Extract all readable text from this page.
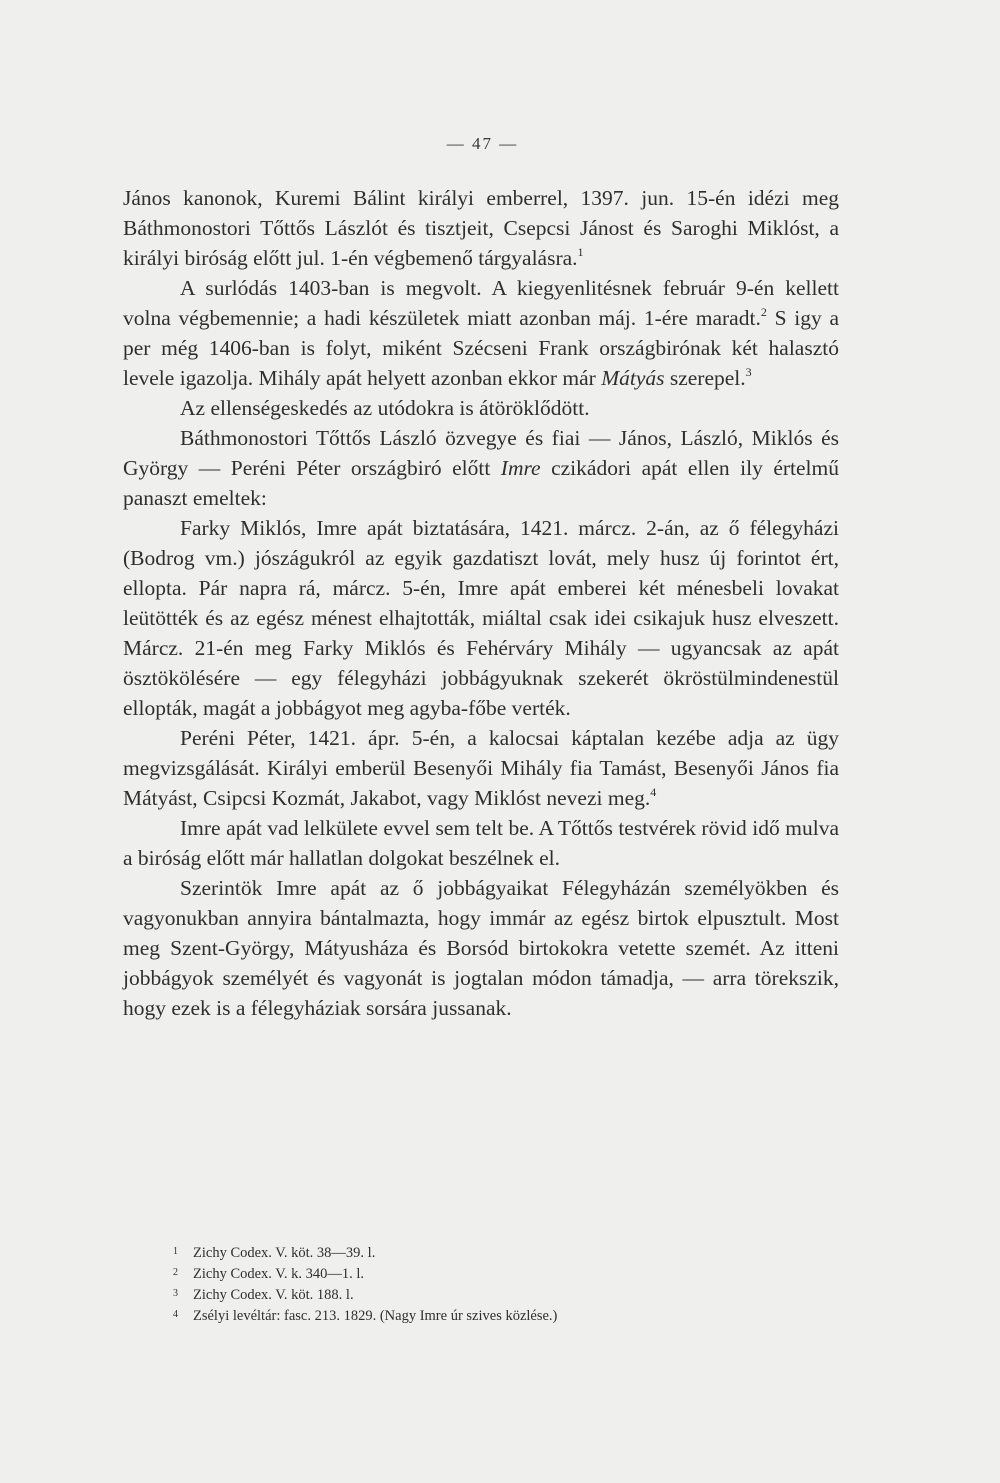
— 47 —

János kanonok, Kuremi Bálint királyi emberrel, 1397. jun. 15-én idézi meg Báthmonostori Tőttős Lászlót és tisztjeit, Csepcsi Jánost és Saroghi Miklóst, a királyi biróság előtt jul. 1-én végbemenő tárgyalásra.$^1$

A surlódás 1403-ban is megvolt. A kiegyenlitésnek február 9-én kellett volna végbemennie; a hadi készületek miatt azonban máj. 1-ére maradt.$^2$ S igy a per még 1406-ban is folyt, miként Szécseni Frank országbirónak két halasztó levele igazolja. Mihály apát helyett azonban ekkor már Mátyás szerepel.$^3$

Az ellenségeskedés az utódokra is átöröklődött.

Báthmonostori Tőttős László özvegye és fiai — János, László, Miklós és György — Peréni Péter országbiró előtt Imre czikádori apát ellen ily értelmű panaszt emeltek:

Farky Miklós, Imre apát biztatására, 1421. márcz. 2-án, az ő félegyházi (Bodrog vm.) jószágukról az egyik gazdatiszt lovát, mely husz új forintot ért, ellopta. Pár napra rá, márcz. 5-én, Imre apát emberei két ménesbeli lovakat leütötték és az egész ménest elhajtották, miáltal csak idei csikajuk husz elveszett. Márcz. 21-én meg Farky Miklós és Fehérváry Mihály — ugyancsak az apát ösztökölésére — egy félegyházi jobbágyuknak szekerét ökröstülmindenestül ellopták, magát a jobbágyot meg agyba-főbe verték.

Peréni Péter, 1421. ápr. 5-én, a kalocsai káptalan kezébe adja az ügy megvizsgálását. Királyi emberül Besenyői Mihály fia Tamást, Besenyői János fia Mátyást, Csipcsi Kozmát, Jakabot, vagy Miklóst nevezi meg.$^4$

Imre apát vad lelkülete evvel sem telt be. A Tőttős testvérek rövid idő mulva a biróság előtt már hallatlan dolgokat beszélnek el.

Szerintök Imre apát az ő jobbágyaikat Félegyházán személyökben és vagyonukban annyira bántalmazta, hogy immár az egész birtok elpusztult. Most meg Szent-György, Mátyusháza és Borsód birtokokra vetette szemét. Az itteni jobbágyok személyét és vagyonát is jogtalan módon támadja, — arra törekszik, hogy ezek is a félegyháziak sorsára jussanak.

1 Zichy Codex. V. köt. 38—39. l.
2 Zichy Codex. V. k. 340—1. l.
3 Zichy Codex. V. köt. 188. l.
4 Zsélyi levéltár: fasc. 213. 1829. (Nagy Imre úr szives közlése.)
